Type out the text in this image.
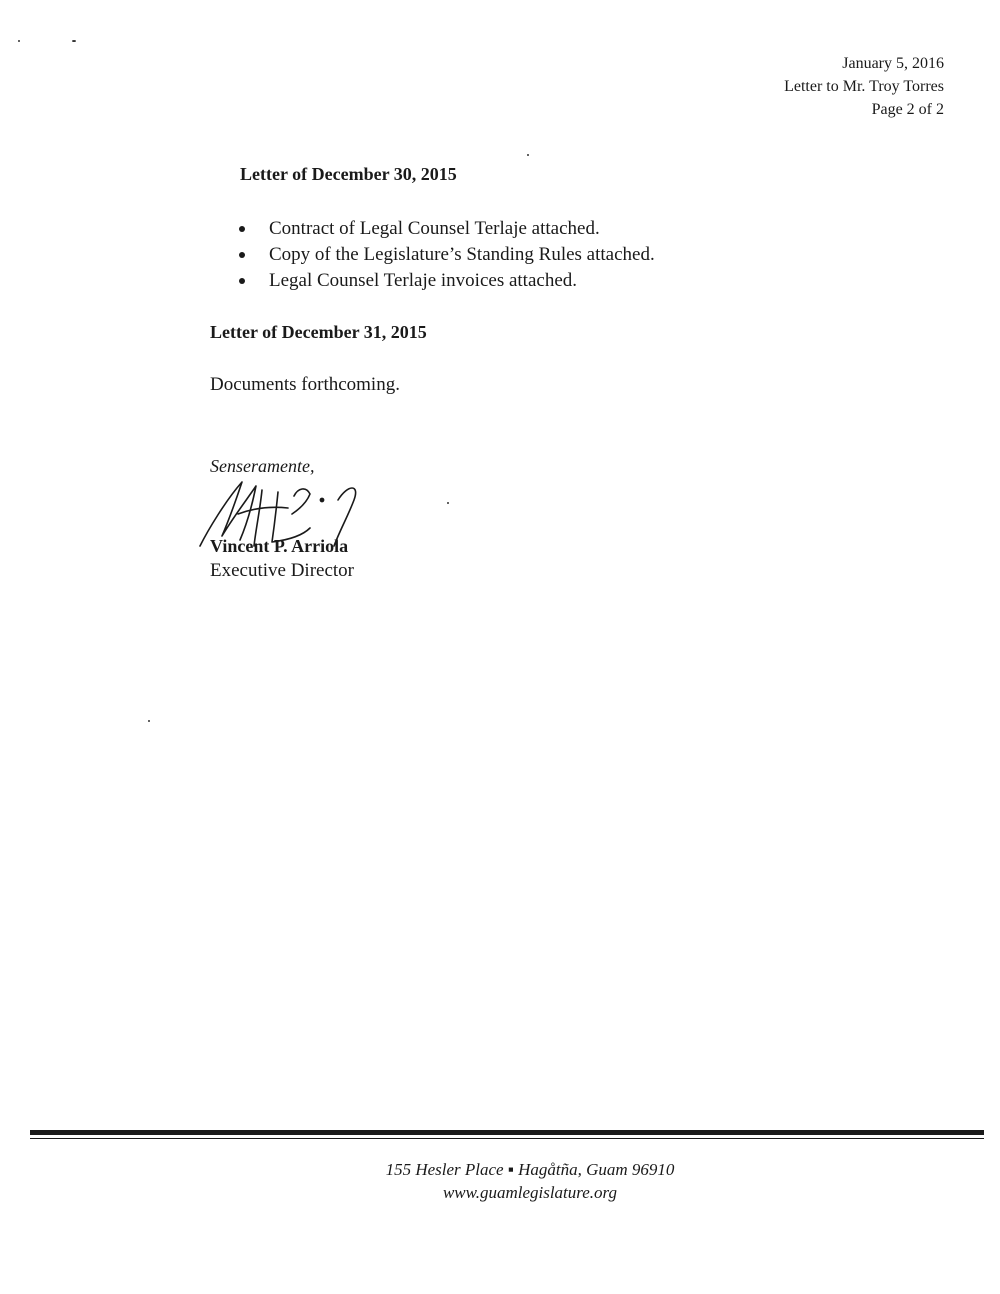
January 5, 2016
Letter to Mr. Troy Torres
Page 2 of 2
Letter of December 30, 2015
Contract of Legal Counsel Terlaje attached.
Copy of the Legislature’s Standing Rules attached.
Legal Counsel Terlaje invoices attached.
Letter of December 31, 2015
Documents forthcoming.
Senseramente,
Vincent P. Arriola
Executive Director
155 Hesler Place ▪ Hagåtña, Guam 96910
www.guamlegislature.org
